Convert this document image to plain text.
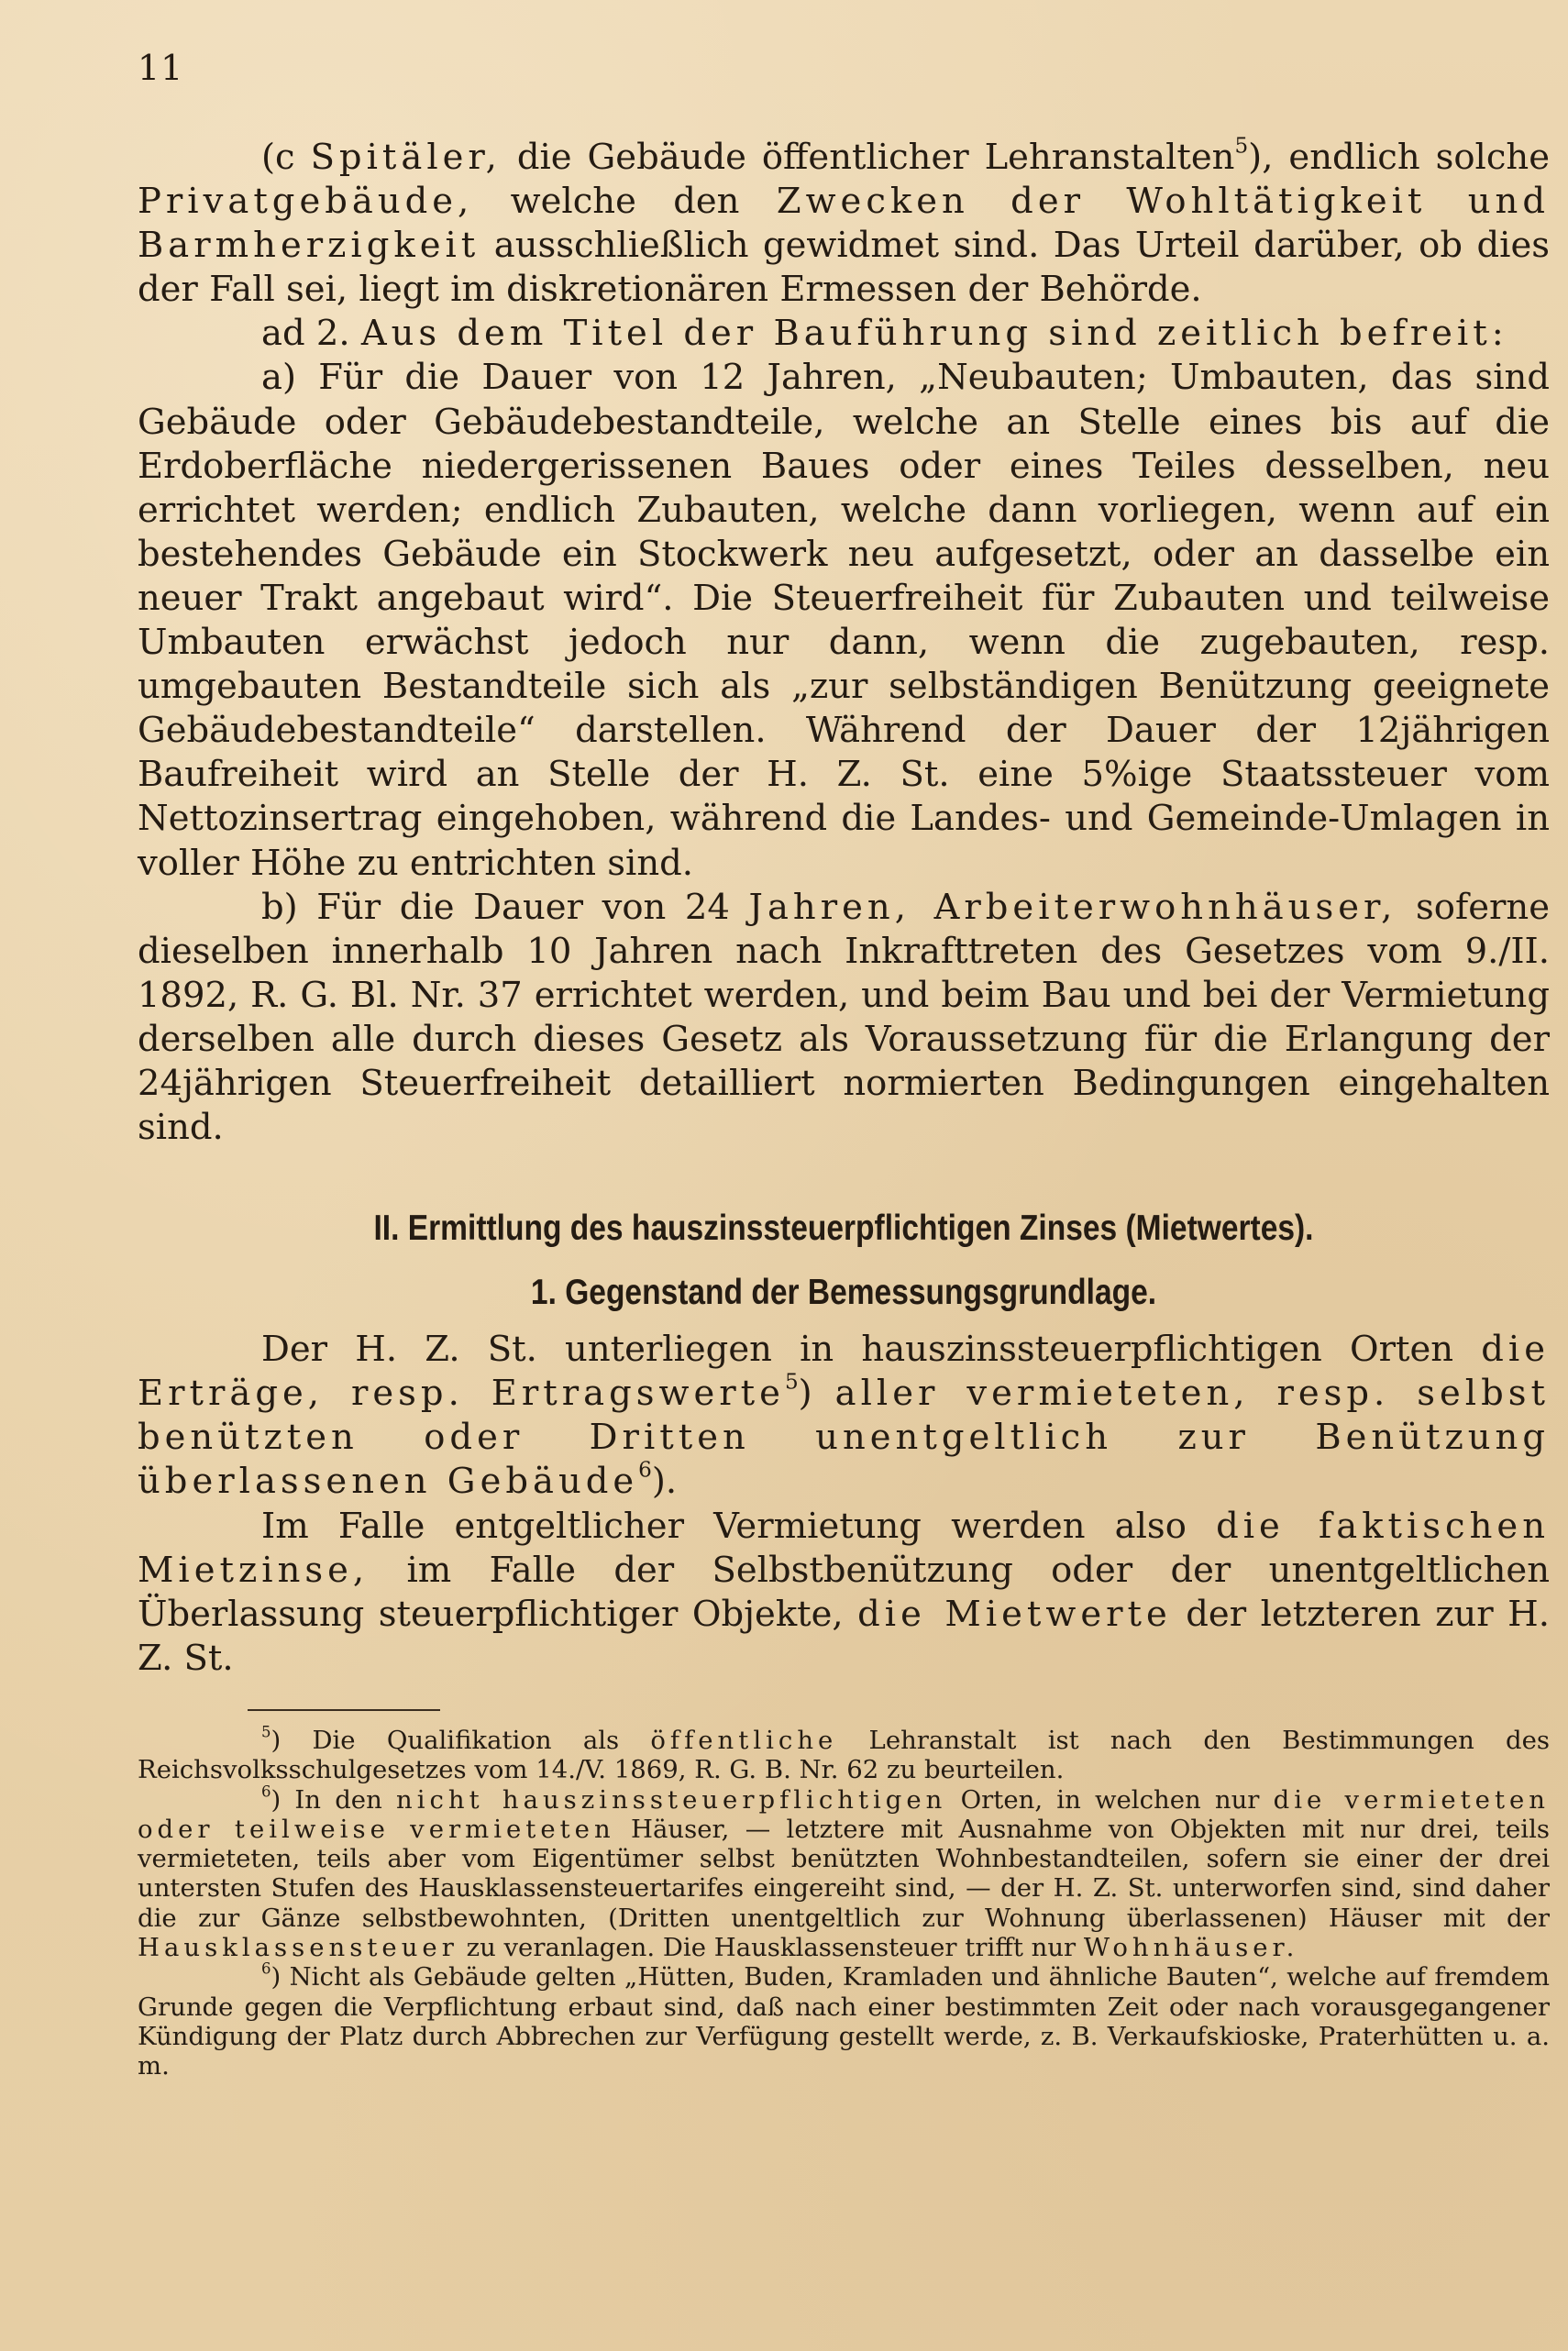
11

(c Spitäler, die Gebäude öffentlicher Lehranstalten$^5$), endlich solche Privatgebäude, welche den Zwecken der Wohltätigkeit und Barmherzigkeit ausschließlich gewidmet sind. Das Urteil darüber, ob dies der Fall sei, liegt im diskretionären Ermessen der Behörde.

ad 2. Aus dem Titel der Bauführung sind zeitlich befreit:

a) Für die Dauer von 12 Jahren, „Neubauten; Umbauten, das sind Gebäude oder Gebäudebestandteile, welche an Stelle eines bis auf die Erdoberfläche niedergerissenen Baues oder eines Teiles desselben, neu errichtet werden; endlich Zubauten, welche dann vorliegen, wenn auf ein bestehendes Gebäude ein Stockwerk neu aufgesetzt, oder an dasselbe ein neuer Trakt angebaut wird“. Die Steuerfreiheit für Zubauten und teilweise Umbauten erwächst jedoch nur dann, wenn die zugebauten, resp. umgebauten Bestandteile sich als „zur selbständigen Benützung geeignete Gebäudebestandteile“ darstellen. Während der Dauer der 12jährigen Baufreiheit wird an Stelle der H. Z. St. eine 5%ige Staatssteuer vom Nettozinsertrag eingehoben, während die Landes- und Gemeinde-Umlagen in voller Höhe zu entrichten sind.

b) Für die Dauer von 24 Jahren, Arbeiterwohnhäuser, soferne dieselben innerhalb 10 Jahren nach Inkrafttreten des Gesetzes vom 9./II. 1892, R. G. Bl. Nr. 37 errichtet werden, und beim Bau und bei der Vermietung derselben alle durch dieses Gesetz als Voraussetzung für die Erlangung der 24jährigen Steuerfreiheit detailliert normierten Bedingungen eingehalten sind.

II. Ermittlung des hauszinssteuerpflichtigen Zinses (Mietwertes).
1. Gegenstand der Bemessungsgrundlage.

Der H. Z. St. unterliegen in hauszinssteuerpflichtigen Orten die Erträge, resp. Ertragswerte$^5$) aller vermieteten, resp. selbst benützten oder Dritten unentgeltlich zur Benützung überlassenen Gebäude$^6$).

Im Falle entgeltlicher Vermietung werden also die faktischen Mietzinse, im Falle der Selbstbenützung oder der unentgeltlichen Überlassung steuerpflichtiger Objekte, die Mietwerte der letzteren zur H. Z. St.

$^5$) Die Qualifikation als öffentliche Lehranstalt ist nach den Bestimmungen des Reichsvolksschulgesetzes vom 14./V. 1869, R. G. B. Nr. 62 zu beurteilen.

$^6$) In den nicht hauszinssteuerpflichtigen Orten, in welchen nur die vermieteten oder teilweise vermieteten Häuser, — letztere mit Ausnahme von Objekten mit nur drei, teils vermieteten, teils aber vom Eigentümer selbst benützten Wohnbestandteilen, sofern sie einer der drei untersten Stufen des Hausklassensteuertarifes eingereiht sind, — der H. Z. St. unterworfen sind, sind daher die zur Gänze selbstbewohnten, (Dritten unentgeltlich zur Wohnung überlassenen) Häuser mit der Hausklassensteuer zu veranlagen. Die Hausklassensteuer trifft nur Wohnhäuser.

$^6$) Nicht als Gebäude gelten „Hütten, Buden, Kramladen und ähnliche Bauten“, welche auf fremdem Grunde gegen die Verpflichtung erbaut sind, daß nach einer bestimmten Zeit oder nach vorausgegangener Kündigung der Platz durch Abbrechen zur Verfügung gestellt werde, z. B. Verkaufskioske, Praterhütten u. a. m.
